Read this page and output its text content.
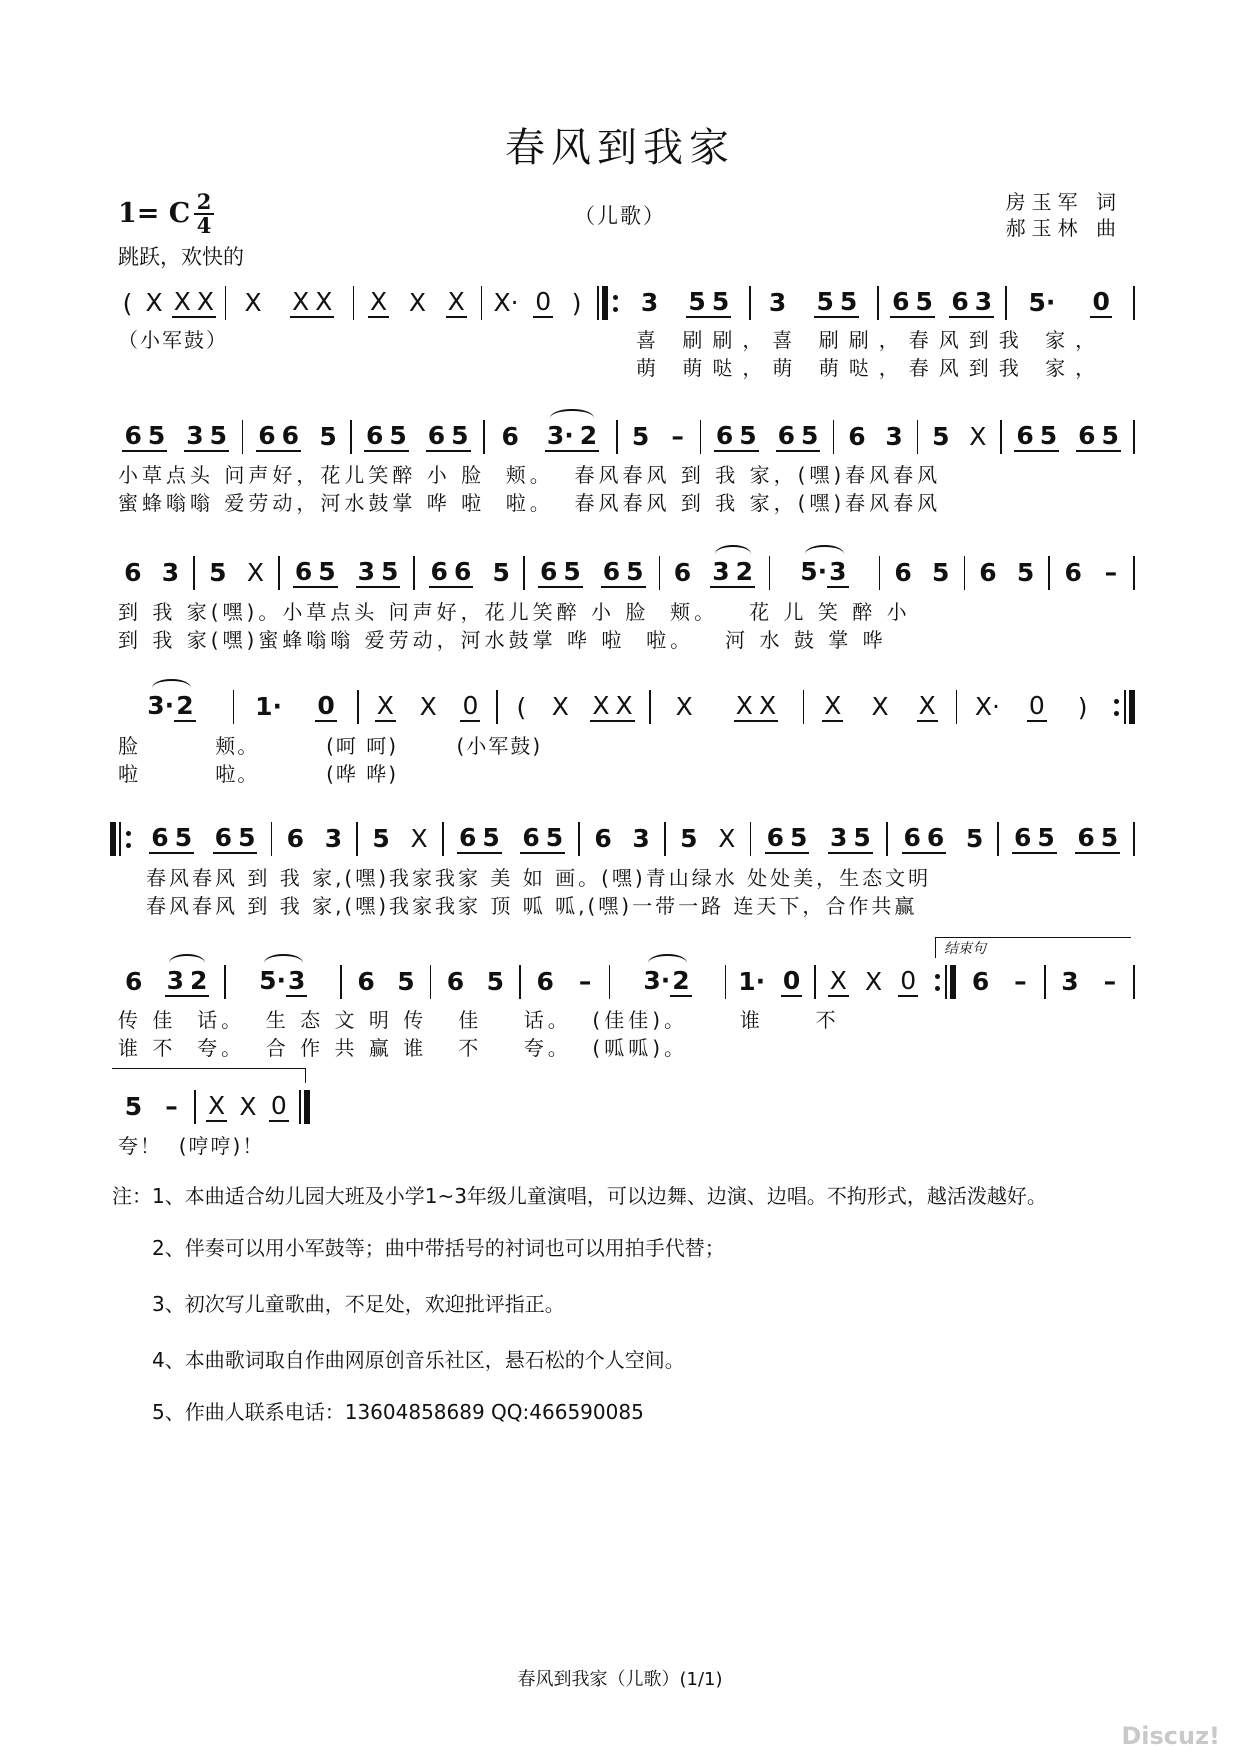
春风到我家
1= C 2
4	（儿歌）
房玉军 词
郝玉林 曲
跳跃，欢快的
( X X X X X X X X X X· 0 ) 3 5 5 3 5 5 6 5 6 3 5· 0
（小军鼓）	喜 刷刷，喜 刷刷，春风到我 家，
萌 萌哒，萌 萌哒，春风到我 家，
6 5 3 5 6 6 5 6 5 6 5 6 3· 2 5 – 6 5 6 5 6 3 5 X 6 5 6 5
小草点头 问声好，花儿笑醉 小 脸  颊。  春风春风 到 我 家，(嘿)春风春风
蜜蜂嗡嗡 爱劳动，河水鼓掌 哗 啦  啦。  春风春风 到 我 家，(嘿)春风春风
6 3 5 X 6 5 3 5 6 6 5 6 5 6 5 6 3 2 5· 3 6 5 6 5 6 –
到 我 家(嘿)。小草点头 问声好，花儿笑醉 小 脸  颊。   花 儿 笑 醉 小
到 我 家(嘿)蜜蜂嗡嗡 爱劳动，河水鼓掌 哗 啦  啦。   河 水 鼓 掌 哗
3· 2 1· 0 X X 0 ( X X X X X X X X X X· 0 )
脸         颊。        (呵 呵)       (小军鼓)
啦         啦。        (哗 哗)
6 5 6 5 6 3 5 X 6 5 6 5 6 3 5 X 6 5 3 5 6 6 5 6 5 6 5
春风春风 到 我 家,(嘿)我家我家 美 如 画。(嘿)青山绿水 处处美，生态文明
春风春风 到 我 家,(嘿)我家我家 顶 呱 呱,(嘿)一带一路 连天下，合作共赢
结束句
6 3 2 5· 3 6 5 6 5 6 – 3· 2 1· 0 X X 0 6 – 3 –
传 佳  话。  生 态 文 明 传   佳    话。  (佳佳)。     谁     不
谁 不  夸。  合 作 共 赢 谁   不    夸。  (呱呱)。
5 – X X 0
夸！  (哼哼)！
注：1、本曲适合幼儿园大班及小学1~3年级儿童演唱，可以边舞、边演、边唱。不拘形式，越活泼越好。
2、伴奏可以用小军鼓等；曲中带括号的衬词也可以用拍手代替；
3、初次写儿童歌曲，不足处，欢迎批评指正。
4、本曲歌词取自作曲网原创音乐社区，悬石松的个人空间。
5、作曲人联系电话：13604858689 QQ:466590085
春风到我家（儿歌）(1/1)
Discuz!
